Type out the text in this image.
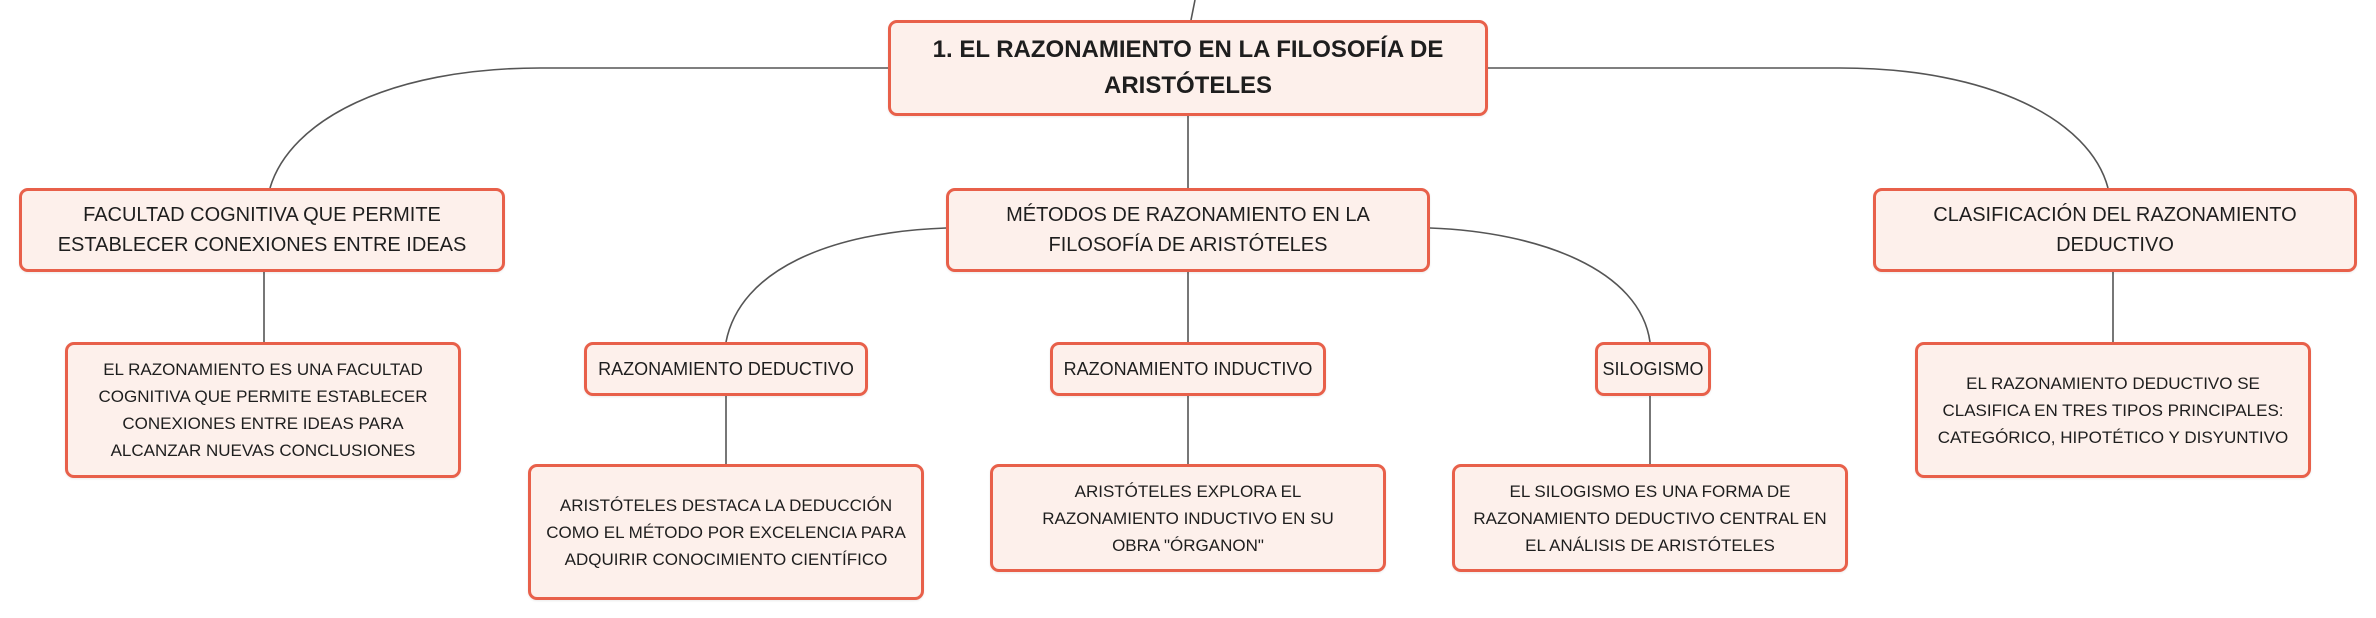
1. EL RAZONAMIENTO EN LA FILOSOFÍA DE ARISTÓTELES
FACULTAD COGNITIVA QUE PERMITE ESTABLECER CONEXIONES ENTRE IDEAS
MÉTODOS DE RAZONAMIENTO EN LA FILOSOFÍA DE ARISTÓTELES
CLASIFICACIÓN DEL RAZONAMIENTO DEDUCTIVO
RAZONAMIENTO DEDUCTIVO	RAZONAMIENTO INDUCTIVO	SILOGISMO
EL RAZONAMIENTO ES UNA FACULTAD COGNITIVA QUE PERMITE ESTABLECER CONEXIONES ENTRE IDEAS PARA ALCANZAR NUEVAS CONCLUSIONES
ARISTÓTELES DESTACA LA DEDUCCIÓN COMO EL MÉTODO POR EXCELENCIA PARA ADQUIRIR CONOCIMIENTO CIENTÍFICO
ARISTÓTELES EXPLORA EL RAZONAMIENTO INDUCTIVO EN SU OBRA "ÓRGANON"
EL SILOGISMO ES UNA FORMA DE RAZONAMIENTO DEDUCTIVO CENTRAL EN EL ANÁLISIS DE ARISTÓTELES
EL RAZONAMIENTO DEDUCTIVO SE CLASIFICA EN TRES TIPOS PRINCIPALES: CATEGÓRICO, HIPOTÉTICO Y DISYUNTIVO
